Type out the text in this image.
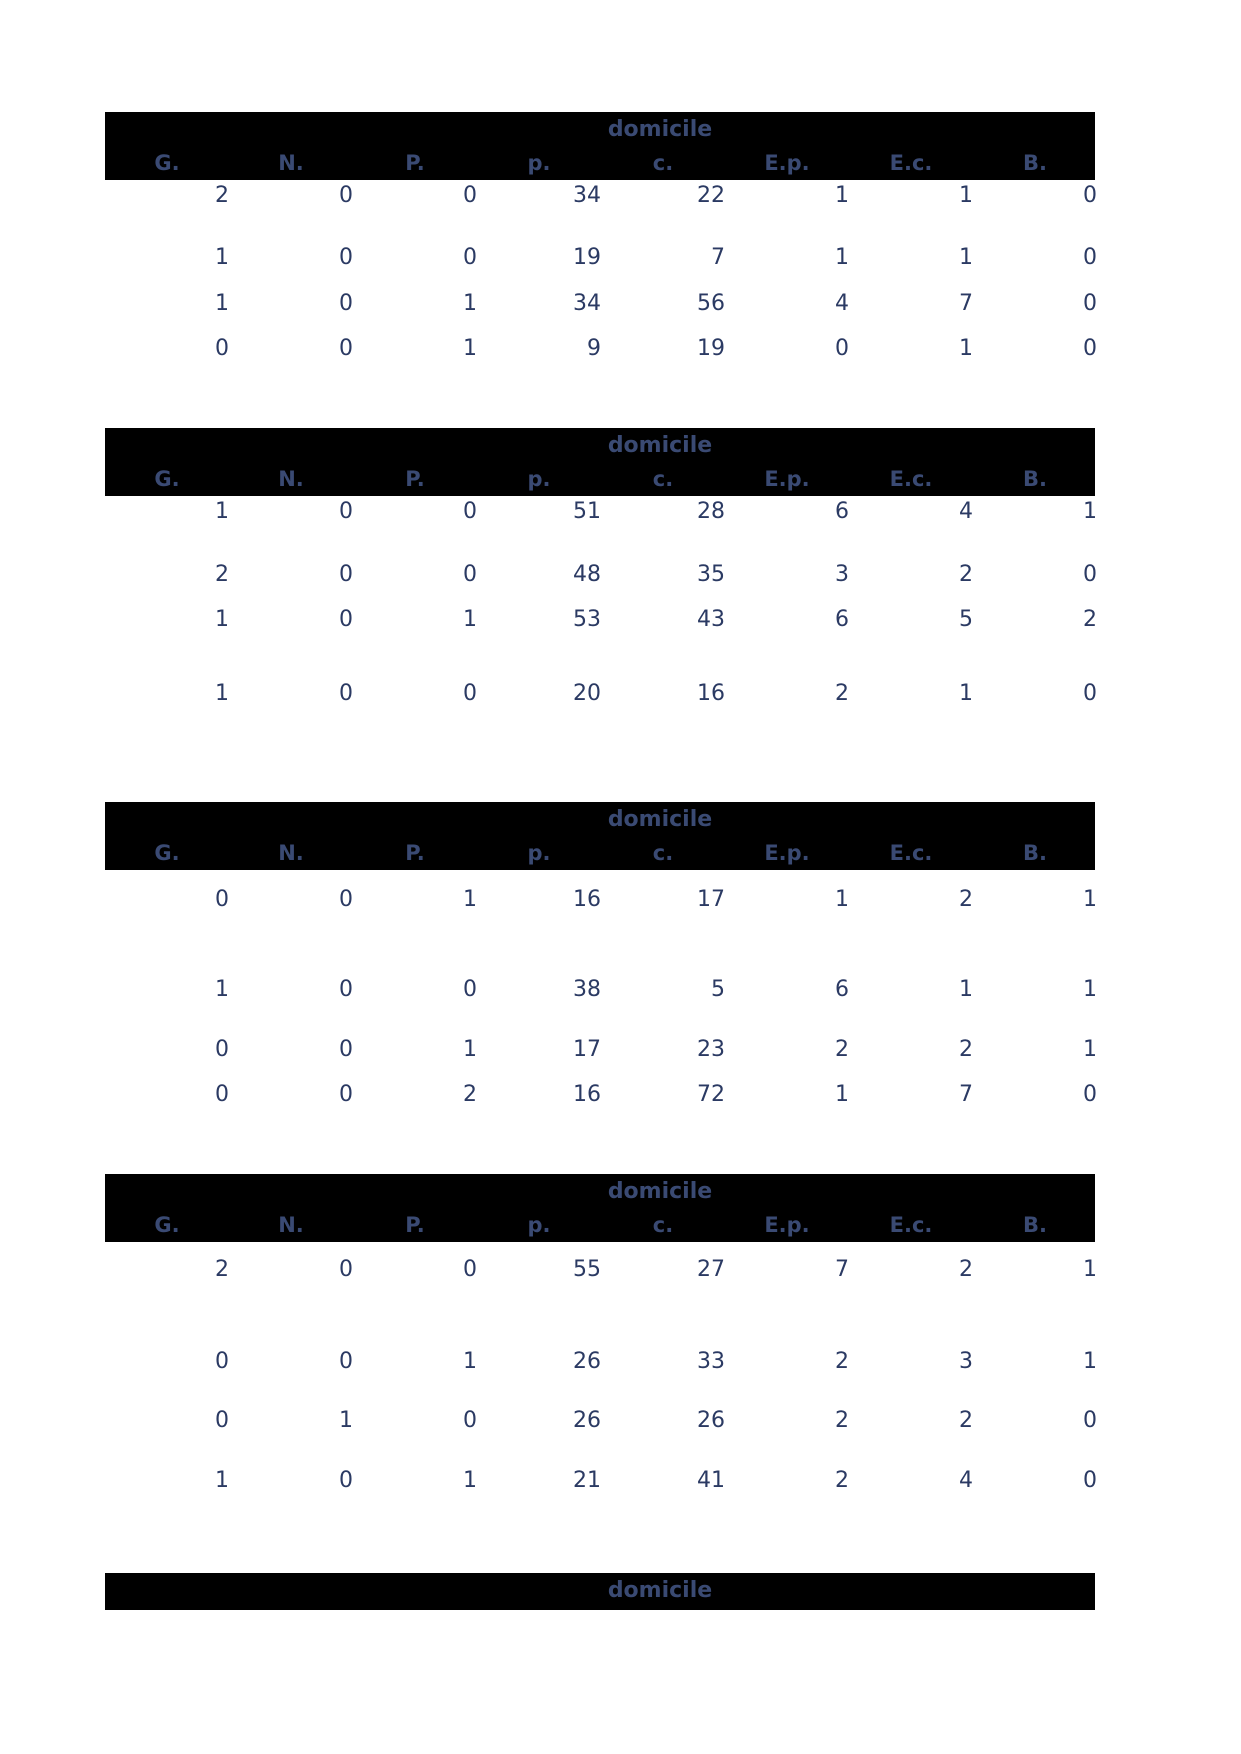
domicile
G.	N.	P.	p.	c.	E.p.	E.c.	B.
2	0	0	34	22	1	1	0
1	0	0	19	7	1	1	0
1	0	1	34	56	4	7	0
0	0	1	9	19	0	1	0
domicile
G.	N.	P.	p.	c.	E.p.	E.c.	B.
1	0	0	51	28	6	4	1
2	0	0	48	35	3	2	0
1	0	1	53	43	6	5	2
1	0	0	20	16	2	1	0
domicile
G.	N.	P.	p.	c.	E.p.	E.c.	B.
0	0	1	16	17	1	2	1
1	0	0	38	5	6	1	1
0	0	1	17	23	2	2	1
0	0	2	16	72	1	7	0
domicile
G.	N.	P.	p.	c.	E.p.	E.c.	B.
2	0	0	55	27	7	2	1
0	0	1	26	33	2	3	1
0	1	0	26	26	2	2	0
1	0	1	21	41	2	4	0
domicile
